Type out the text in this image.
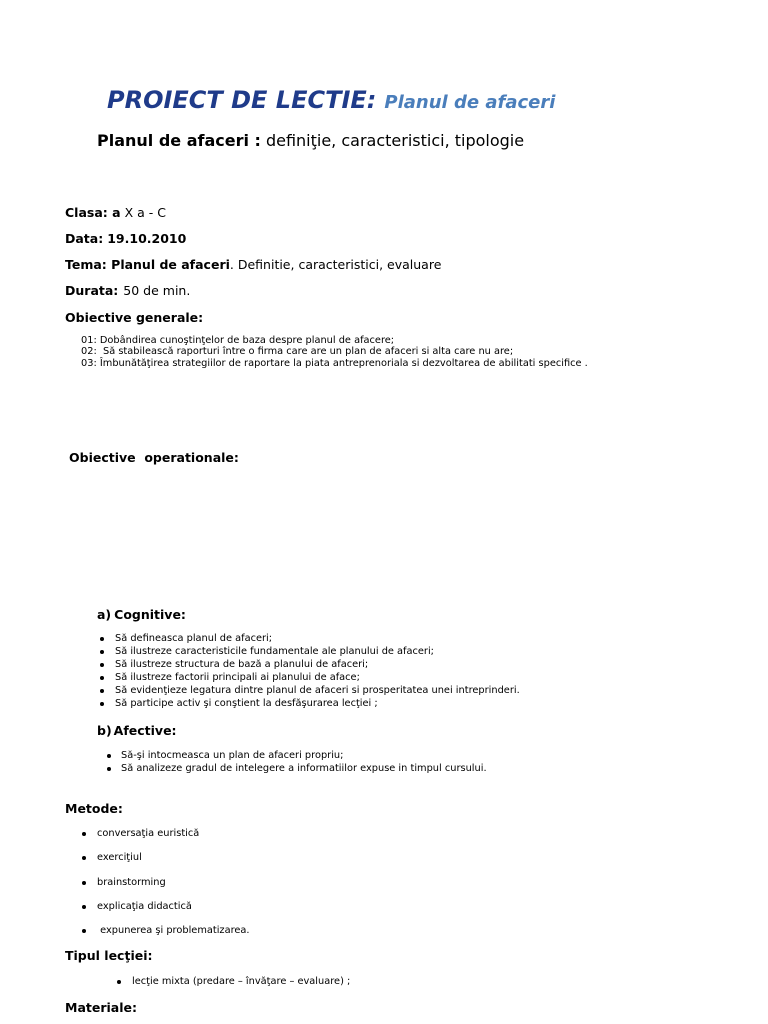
PROIECT DE LECTIE: Planul de afaceri
Planul de afaceri : definiţie, caracteristici, tipologie
Clasa: a X a - C
Data: 19.10.2010
Tema: Planul de afaceri. Definitie, caracteristici, evaluare
Durata: 50 de min.
Obiective generale:
01: Dobândirea cunoştinţelor de baza despre planul de afacere;
02:  Să stabilească raporturi între o firma care are un plan de afaceri si alta care nu are;
03: Îmbunătăţirea strategiilor de raportare la piata antreprenoriala si dezvoltarea de abilitati specifice .
Obiective  operationale:
a) Cognitive:
Să defineasca planul de afaceri;
Să ilustreze caracteristicile fundamentale ale planului de afaceri;
Să ilustreze structura de bază a planului de afaceri;
Să ilustreze factorii principali ai planului de aface;
Să evidenţieze legatura dintre planul de afaceri si prosperitatea unei intreprinderi.
Să participe activ şi conştient la desfăşurarea lecţiei ;
b) Afective:
Să-şi intocmeasca un plan de afaceri propriu;
Să analizeze gradul de intelegere a informatiilor expuse in timpul cursului.
Metode:
conversaţia euristică
exerciţiul
brainstorming
explicaţia didactică
expunerea şi problematizarea.
Tipul lecţiei:
lecţie mixta (predare – învăţare – evaluare) ;
Materiale:
